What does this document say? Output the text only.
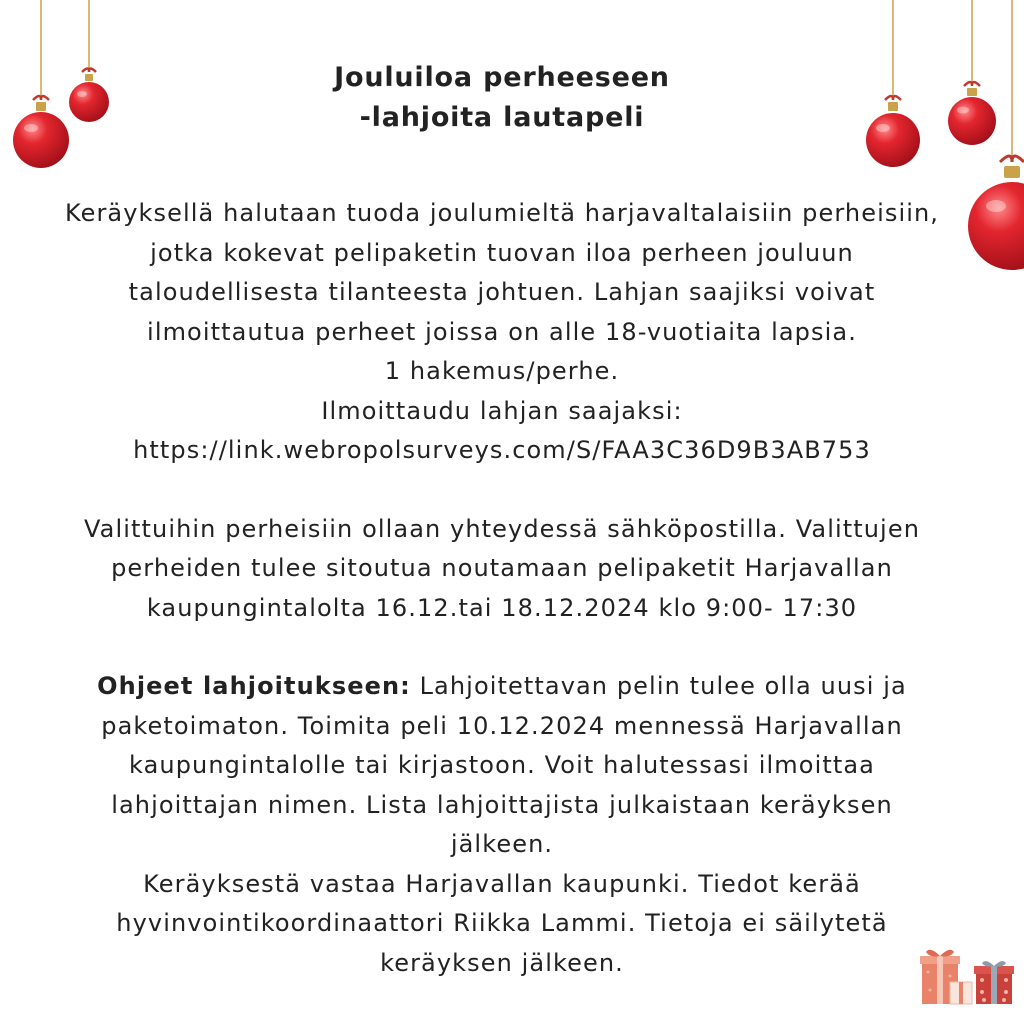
Jouluiloa perheeseen
-lahjoita lautapeli

Keräyksellä halutaan tuoda joulumieltä harjavaltalaisiin perheisiin,
jotka kokevat pelipaketin tuovan iloa perheen jouluun
taloudellisesta tilanteesta johtuen. Lahjan saajiksi voivat
ilmoittautua perheet joissa on alle 18-vuotiaita lapsia.
1 hakemus/perhe.
Ilmoittaudu lahjan saajaksi:
https://link.webropolsurveys.com/S/FAA3C36D9B3AB753

Valittuihin perheisiin ollaan yhteydessä sähköpostilla. Valittujen
perheiden tulee sitoutua noutamaan pelipaketit Harjavallan
kaupungintalolta 16.12.tai 18.12.2024 klo 9:00- 17:30

Ohjeet lahjoitukseen: Lahjoitettavan pelin tulee olla uusi ja
paketoimaton. Toimita peli 10.12.2024 mennessä Harjavallan
kaupungintalolle tai kirjastoon. Voit halutessasi ilmoittaa
lahjoittajan nimen. Lista lahjoittajista julkaistaan keräyksen
jälkeen.
Keräyksestä vastaa Harjavallan kaupunki. Tiedot kerää
hyvinvointikoordinaattori Riikka Lammi. Tietoja ei säilytetä
keräyksen jälkeen.
